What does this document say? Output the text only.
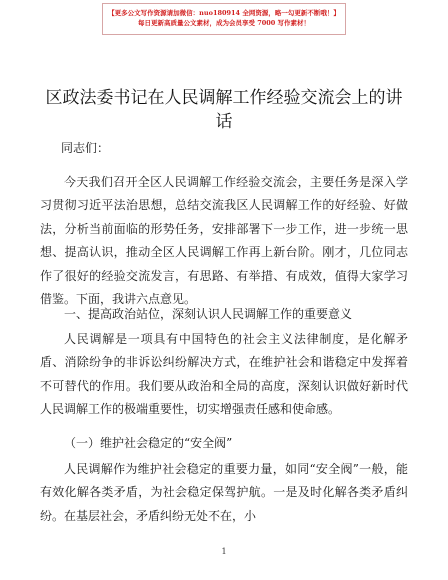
【更多公文写作资源请加微信：nuo180914 全网资源，略一勾更新不断哦！】
每日更新高质量公文素材，成为会员享受 7000 写作素材！
区政法委书记在人民调解工作经验交流会上的讲话
同志们：

今天我们召开全区人民调解工作经验交流会，主要任务是深入学习贯彻习近平法治思想，总结交流我区人民调解工作的好经验、好做法，分析当前面临的形势任务，安排部署下一步工作，进一步统一思想、提高认识，推动全区人民调解工作再上新台阶。刚才，几位同志作了很好的经验交流发言，有思路、有举措、有成效，值得大家学习借鉴。下面，我讲六点意见。

一、提高政治站位，深刻认识人民调解工作的重要意义

人民调解是一项具有中国特色的社会主义法律制度，是化解矛盾、消除纷争的非诉讼纠纷解决方式，在维护社会和谐稳定中发挥着不可替代的作用。我们要从政治和全局的高度，深刻认识做好新时代人民调解工作的极端重要性，切实增强责任感和使命感。

（一）维护社会稳定的“安全阀”

人民调解作为维护社会稳定的重要力量，如同“安全阀”一般，能有效化解各类矛盾，为社会稳定保驾护航。一是及时化解各类矛盾纠纷。在基层社会，矛盾纠纷无处不在，小

1
